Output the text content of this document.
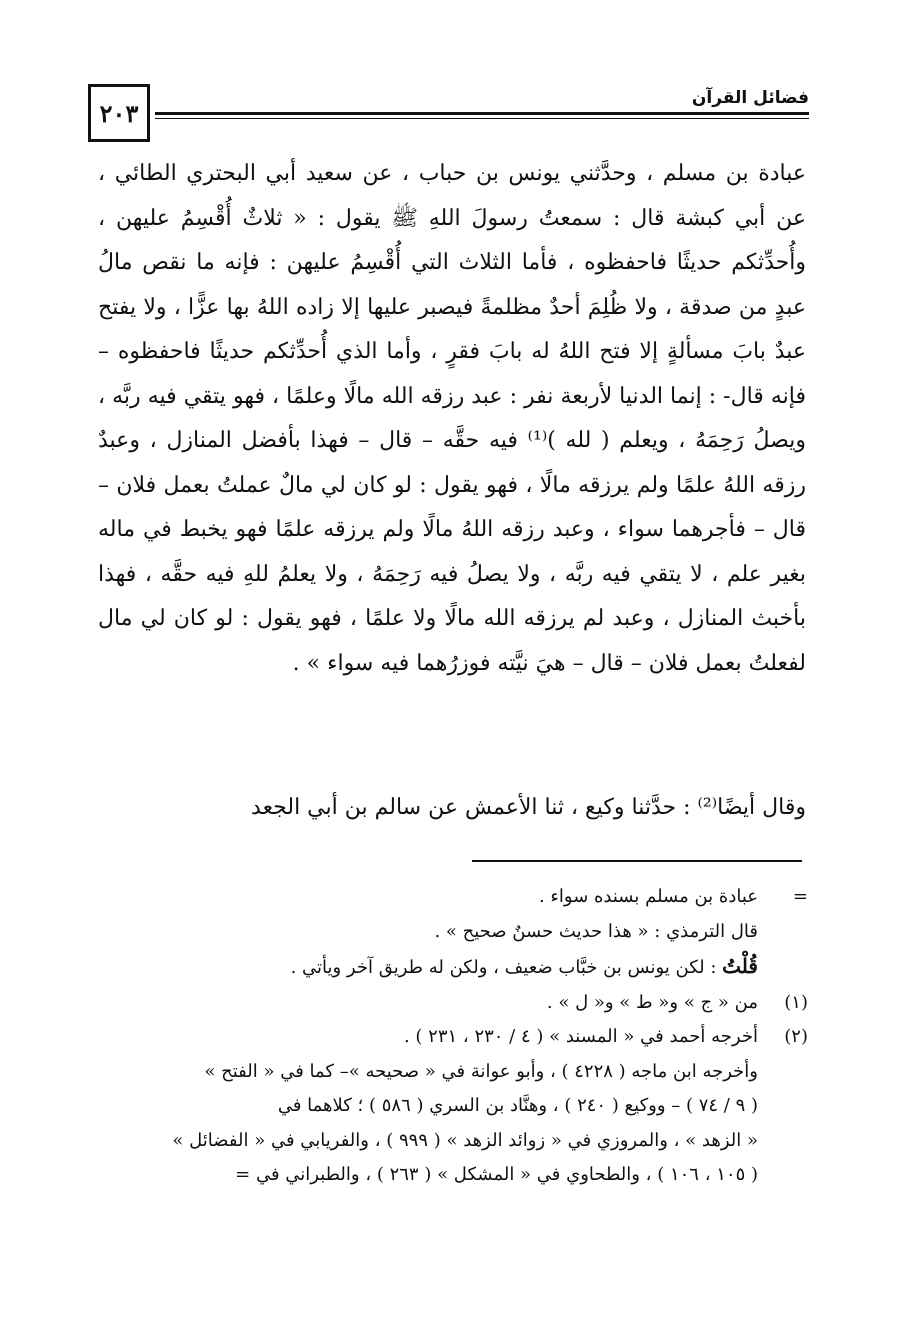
٢٠٣
فضائل القرآن

عبادة بن مسلم ، وحدَّثني يونس بن حباب ، عن سعيد أبي البحتري الطائي ، عن أبي كبشة قال : سمعتُ رسولَ اللهِ ﷺ يقول : « ثلاثٌ أُقْسِمُ عليهن ، وأُحدِّثكم حديثًا فاحفظوه ، فأما الثلاث التي أُقْسِمُ عليهن : فإنه ما نقص مالُ عبدٍ من صدقة ، ولا ظُلِمَ أحدٌ مظلمةً فيصبر عليها إلا زاده اللهُ بها عزًّا ، ولا يفتح عبدٌ بابَ مسألةٍ إلا فتح اللهُ له بابَ فقرٍ ، وأما الذي أُحدِّثكم حديثًا فاحفظوه – فإنه قال- : إنما الدنيا لأربعة نفر : عبد رزقه الله مالًا وعلمًا ، فهو يتقي فيه ربَّه ، ويصلُ رَحِمَهُ ، ويعلم ( لله )⁽¹⁾ فيه حقَّه – قال – فهذا بأفضل المنازل ، وعبدٌ رزقه اللهُ علمًا ولم يرزقه مالًا ، فهو يقول : لو كان لي مالٌ عملتُ بعمل فلان – قال – فأجرهما سواء ، وعبد رزقه اللهُ مالًا ولم يرزقه علمًا فهو يخبط في ماله بغير علم ، لا يتقي فيه ربَّه ، ولا يصلُ فيه رَحِمَهُ ، ولا يعلمُ للهِ فيه حقَّه ، فهذا بأخبث المنازل ، وعبد لم يرزقه الله مالًا ولا علمًا ، فهو يقول : لو كان لي مال لفعلتُ بعمل فلان – قال – هيَ نيَّته فوزرُهما فيه سواء » .

وقال أيضًا⁽²⁾ : حدَّثنا وكيع ، ثنا الأعمش عن سالم بن أبي الجعد

=
عبادة بن مسلم بسنده سواء .
قال الترمذي : « هذا حديث حسنٌ صحيح » .
قُلْتُ : لكن يونس بن خبَّاب ضعيف ، ولكن له طريق آخر ويأتي .
(١)
من « ج » و« ط » و« ل » .
(٢)
أخرجه أحمد في « المسند » ( ٤ / ٢٣٠ ، ٢٣١ ) .
وأخرجه ابن ماجه ( ٤٢٢٨ ) ، وأبو عوانة في « صحيحه »– كما في « الفتح »
( ٩ / ٧٤ ) – ووكيع ( ٢٤٠ ) ، وهنَّاد بن السري ( ٥٨٦ ) ؛ كلاهما في
« الزهد » ، والمروزي في « زوائد الزهد » ( ٩٩٩ ) ، والفريابي في « الفضائل »
( ١٠٥ ، ١٠٦ ) ، والطحاوي في « المشكل » ( ٢٦٣ ) ، والطبراني في =
